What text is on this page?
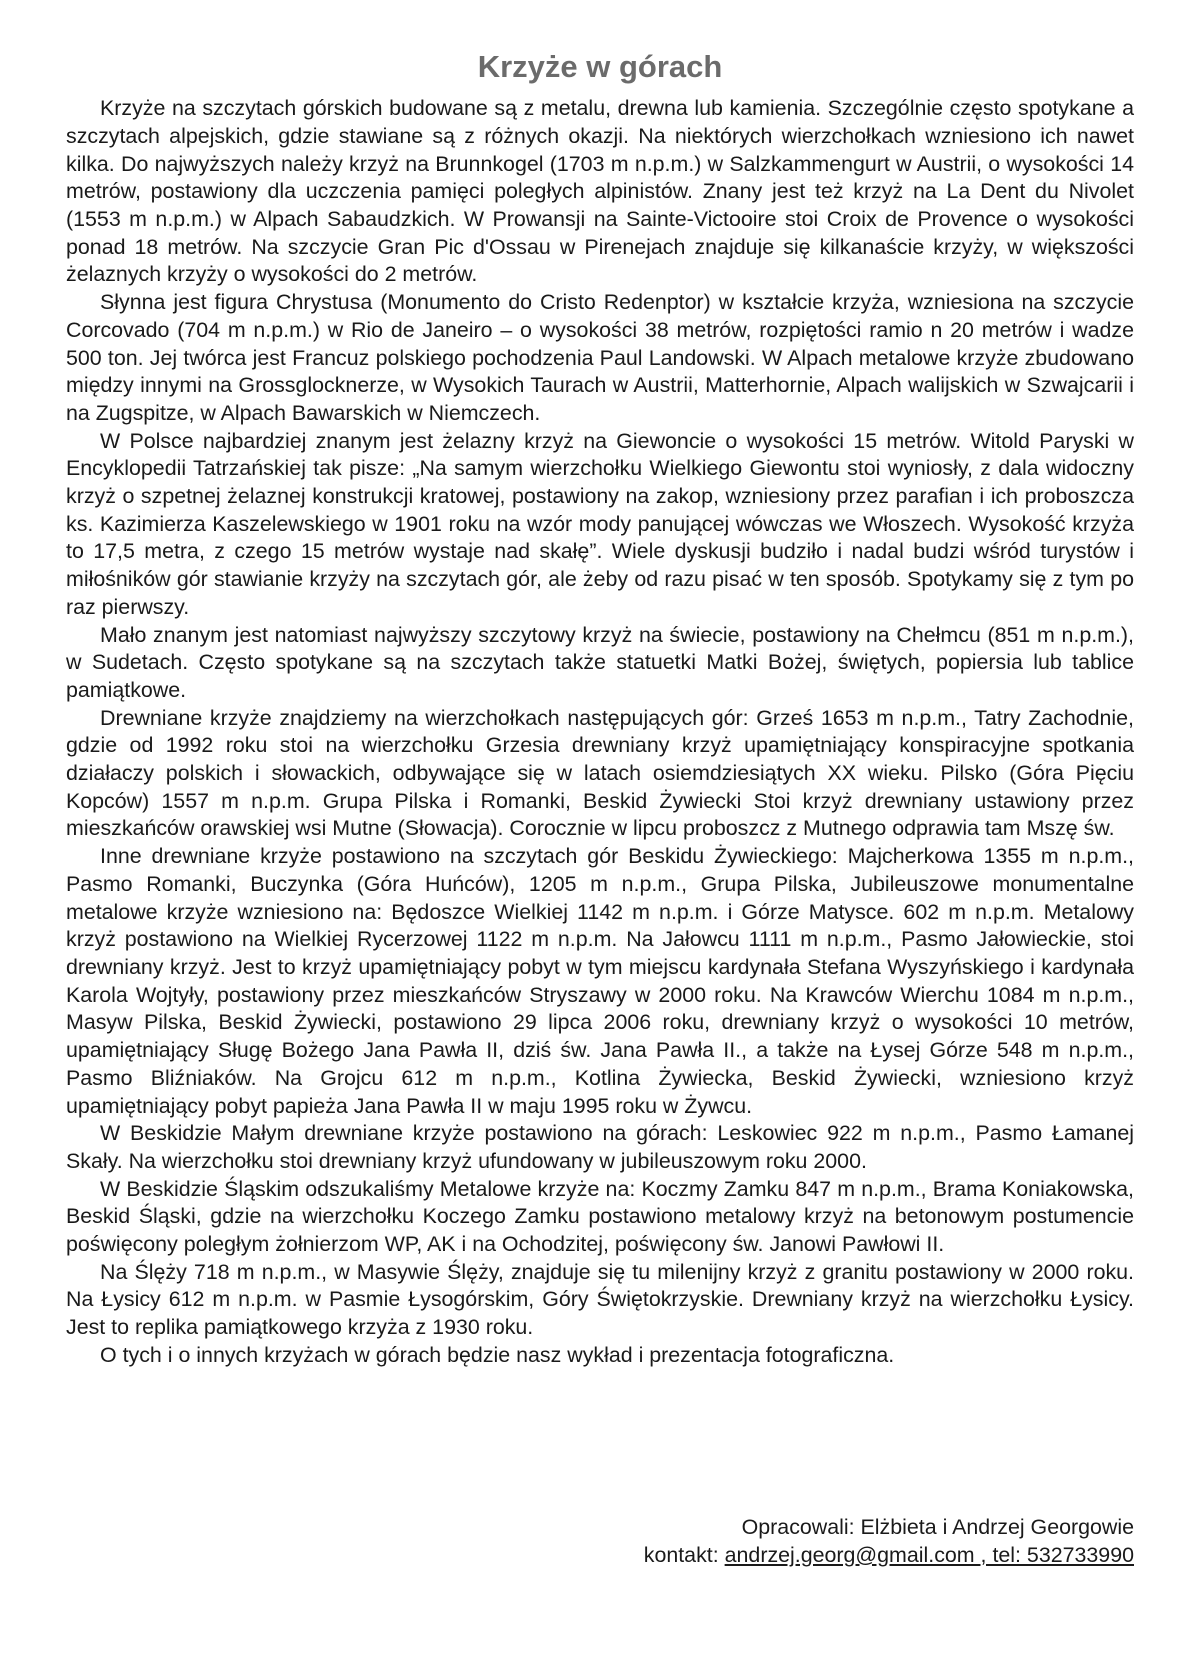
Krzyże w górach

Krzyże na szczytach górskich budowane są z metalu, drewna lub kamienia. Szczególnie często spotykane a szczytach alpejskich, gdzie stawiane są z różnych okazji. Na niektórych wierzchołkach wzniesiono ich nawet kilka. Do najwyższych należy krzyż na Brunnkogel (1703 m n.p.m.) w Salzkammengurt w Austrii, o wysokości 14 metrów, postawiony dla uczczenia pamięci poległych alpinistów. Znany jest też krzyż na La Dent du Nivolet (1553 m n.p.m.) w Alpach Sabaudzkich. W Prowansji na Sainte-Victooire stoi Croix de Provence o wysokości ponad 18 metrów. Na szczycie Gran Pic d'Ossau w Pirenejach znajduje się kilkanaście krzyży, w większości żelaznych krzyży o wysokości do 2 metrów.

Słynna jest figura Chrystusa (Monumento do Cristo Redenptor) w kształcie krzyża, wzniesiona na szczycie Corcovado (704 m n.p.m.) w Rio de Janeiro – o wysokości 38 metrów, rozpiętości ramio n 20 metrów i wadze 500 ton. Jej twórca jest Francuz polskiego pochodzenia Paul Landowski. W Alpach metalowe krzyże zbudowano między innymi na Grossglocknerze, w Wysokich Taurach w Austrii, Matterhornie, Alpach walijskich w Szwajcarii i na Zugspitze, w Alpach Bawarskich w Niemczech.

W Polsce najbardziej znanym jest żelazny krzyż na Giewoncie o wysokości 15 metrów. Witold Paryski w Encyklopedii Tatrzańskiej tak pisze: „Na samym wierzchołku Wielkiego Giewontu stoi wyniosły, z dala widoczny krzyż o szpetnej żelaznej konstrukcji kratowej, postawiony na zakop, wzniesiony przez parafian i ich proboszcza ks. Kazimierza Kaszelewskiego w 1901 roku na wzór mody panującej wówczas we Włoszech. Wysokość krzyża to 17,5 metra, z czego 15 metrów wystaje nad skałę”. Wiele dyskusji budziło i nadal budzi wśród turystów i miłośników gór stawianie krzyży na szczytach gór, ale żeby od razu pisać w ten sposób. Spotykamy się z tym po raz pierwszy.

Mało znanym jest natomiast najwyższy szczytowy krzyż na świecie, postawiony na Chełmcu (851 m n.p.m.), w Sudetach. Często spotykane są na szczytach także statuetki Matki Bożej, świętych, popiersia lub tablice pamiątkowe.

Drewniane krzyże znajdziemy na wierzchołkach następujących gór: Grześ 1653 m n.p.m., Tatry Zachodnie, gdzie od 1992 roku stoi na wierzchołku Grzesia drewniany krzyż upamiętniający konspiracyjne spotkania działaczy polskich i słowackich, odbywające się w latach osiemdziesiątych XX wieku. Pilsko (Góra Pięciu Kopców) 1557 m n.p.m. Grupa Pilska i Romanki, Beskid Żywiecki Stoi krzyż drewniany ustawiony przez mieszkańców orawskiej wsi Mutne (Słowacja). Corocznie w lipcu proboszcz z Mutnego odprawia tam Mszę św.

Inne drewniane krzyże postawiono na szczytach gór Beskidu Żywieckiego: Majcherkowa 1355 m n.p.m., Pasmo Romanki, Buczynka (Góra Huńców), 1205 m n.p.m., Grupa Pilska, Jubileuszowe monumentalne metalowe krzyże wzniesiono na: Będoszce Wielkiej 1142 m n.p.m. i Górze Matysce. 602 m n.p.m. Metalowy krzyż postawiono na Wielkiej Rycerzowej 1122 m n.p.m. Na Jałowcu 1111 m n.p.m., Pasmo Jałowieckie, stoi drewniany krzyż. Jest to krzyż upamiętniający pobyt w tym miejscu kardynała Stefana Wyszyńskiego i kardynała Karola Wojtyły, postawiony przez mieszkańców Stryszawy w 2000 roku. Na Krawców Wierchu 1084 m n.p.m., Masyw Pilska, Beskid Żywiecki, postawiono 29 lipca 2006 roku, drewniany krzyż o wysokości 10 metrów, upamiętniający Sługę Bożego Jana Pawła II, dziś św. Jana Pawła II., a także na Łysej Górze 548 m n.p.m., Pasmo Bliźniaków. Na Grojcu 612 m n.p.m., Kotlina Żywiecka, Beskid Żywiecki, wzniesiono krzyż upamiętniający pobyt papieża Jana Pawła II w maju 1995 roku w Żywcu.

W Beskidzie Małym drewniane krzyże postawiono na górach: Leskowiec 922 m n.p.m., Pasmo Łamanej Skały. Na wierzchołku stoi drewniany krzyż ufundowany w jubileuszowym roku 2000.

W Beskidzie Śląskim odszukaliśmy Metalowe krzyże na: Koczmy Zamku 847 m n.p.m., Brama Koniakowska, Beskid Śląski, gdzie na wierzchołku Koczego Zamku postawiono metalowy krzyż na betonowym postumencie poświęcony poległym żołnierzom WP, AK i na Ochodzitej, poświęcony św. Janowi Pawłowi II.

Na Ślęży 718 m n.p.m., w Masywie Ślęży, znajduje się tu milenijny krzyż z granitu postawiony w 2000 roku. Na Łysicy 612 m n.p.m. w Pasmie Łysogórskim, Góry Świętokrzyskie. Drewniany krzyż na wierzchołku Łysicy. Jest to replika pamiątkowego krzyża z 1930 roku.

O tych i o innych krzyżach w górach będzie nasz wykład i prezentacja fotograficzna.

Opracowali: Elżbieta i Andrzej Georgowie
kontakt: andrzej.georg@gmail.com , tel: 532733990
